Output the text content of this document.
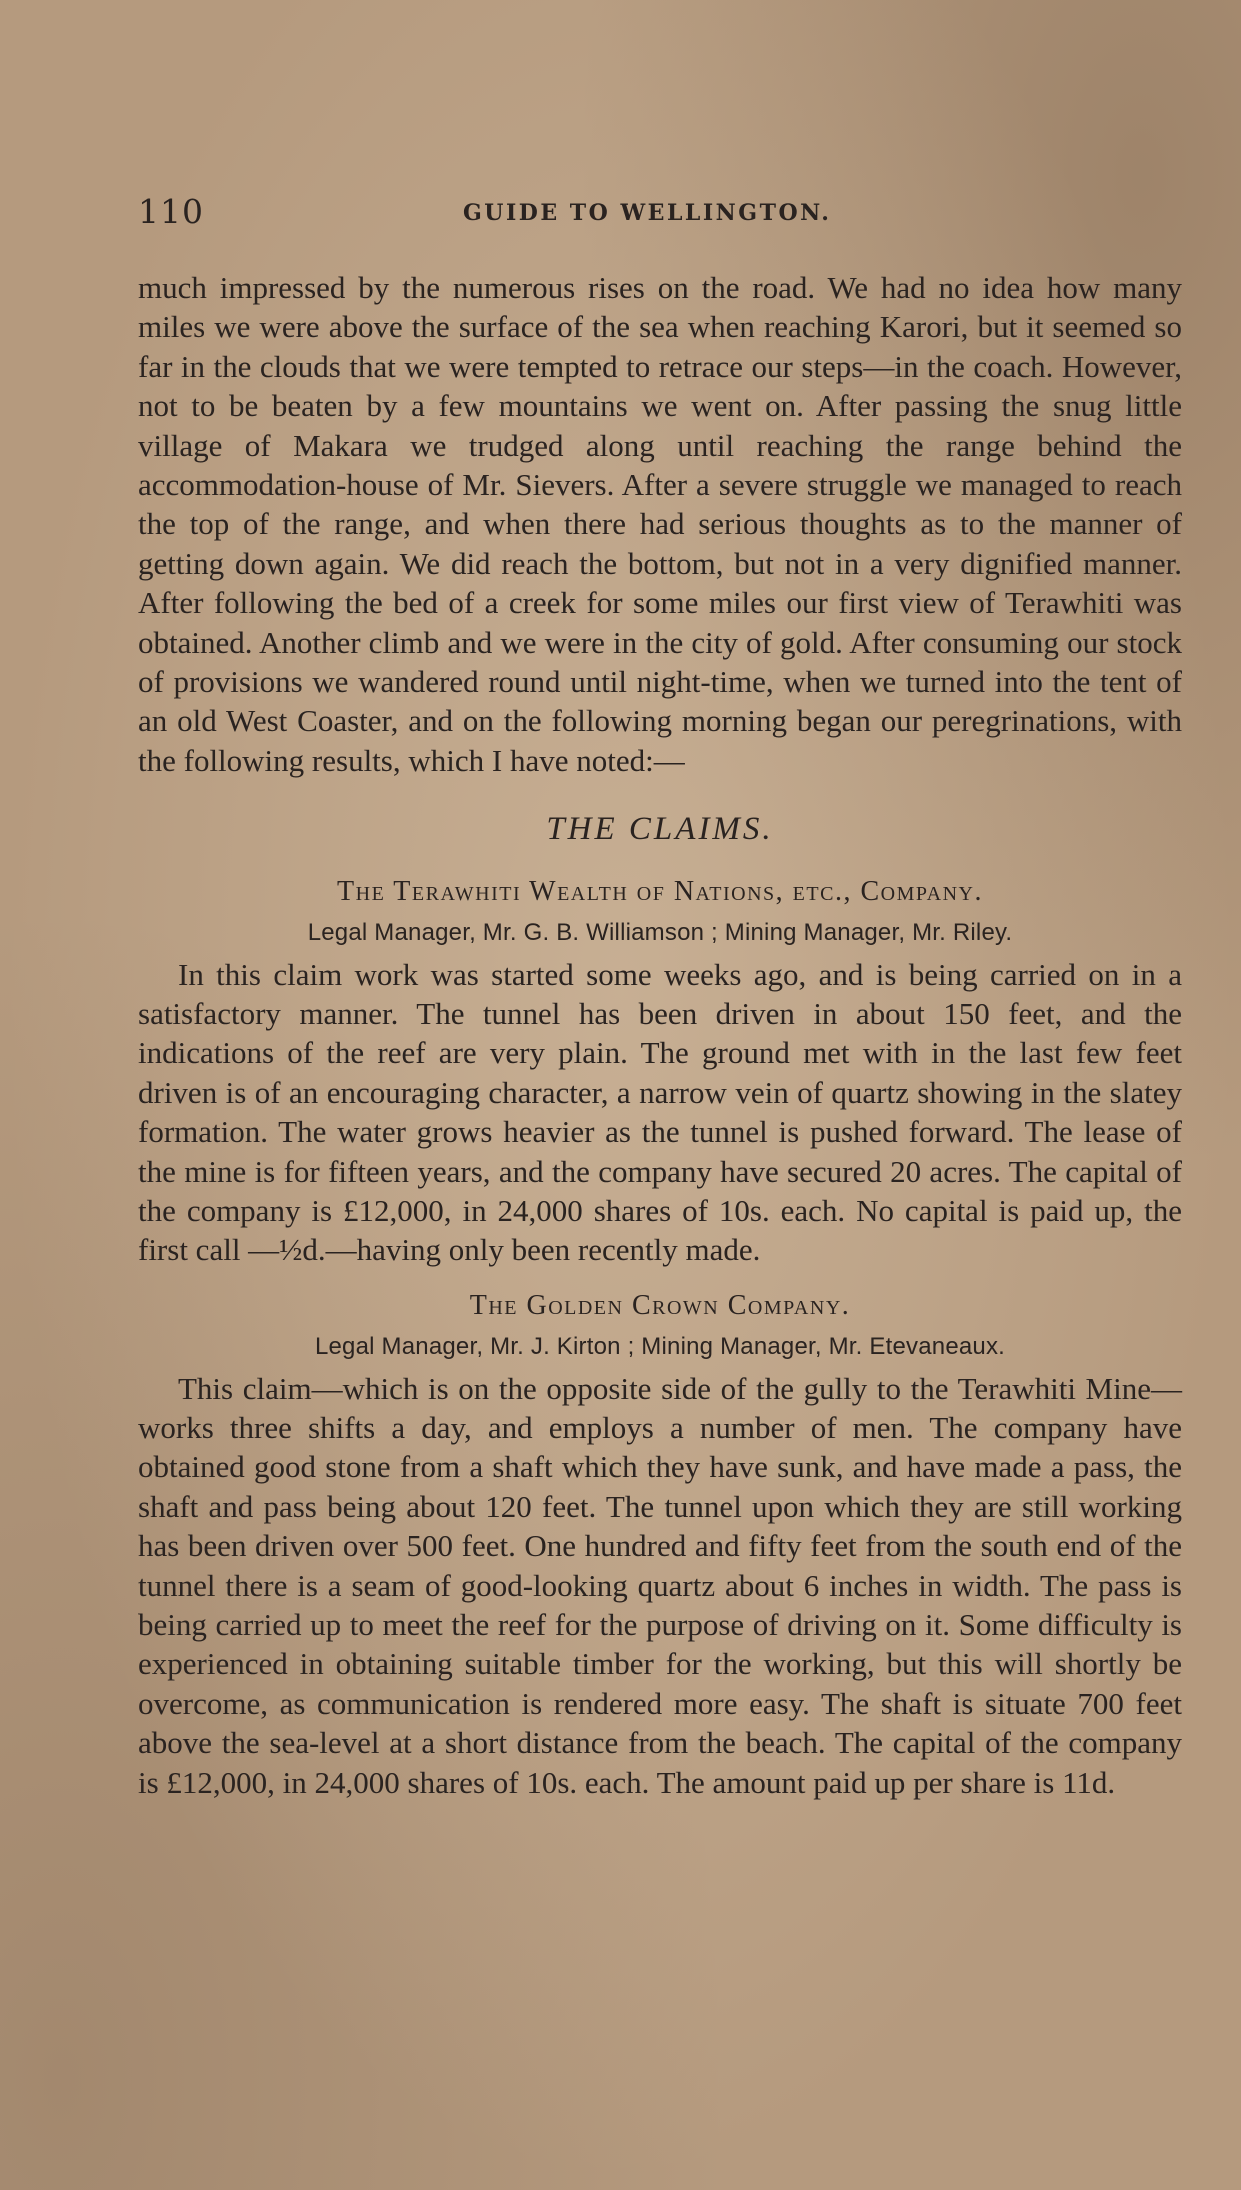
110	GUIDE TO WELLINGTON.

much impressed by the numerous rises on the road. We had no idea how many miles we were above the surface of the sea when reaching Karori, but it seemed so far in the clouds that we were tempted to retrace our steps—in the coach. However, not to be beaten by a few mountains we went on. After passing the snug little village of Makara we trudged along until reaching the range behind the accommodation-house of Mr. Sievers. After a severe struggle we managed to reach the top of the range, and when there had serious thoughts as to the manner of getting down again. We did reach the bottom, but not in a very dignified manner. After following the bed of a creek for some miles our first view of Terawhiti was obtained. Another climb and we were in the city of gold. After consuming our stock of provisions we wandered round until night-time, when we turned into the tent of an old West Coaster, and on the following morning began our peregrinations, with the following results, which I have noted:—

THE CLAIMS.
The Terawhiti Wealth of Nations, etc., Company.
Legal Manager, Mr. G. B. Williamson ; Mining Manager, Mr. Riley.

In this claim work was started some weeks ago, and is being carried on in a satisfactory manner. The tunnel has been driven in about 150 feet, and the indications of the reef are very plain. The ground met with in the last few feet driven is of an encouraging character, a narrow vein of quartz showing in the slatey formation. The water grows heavier as the tunnel is pushed forward. The lease of the mine is for fifteen years, and the company have secured 20 acres. The capital of the company is £12,000, in 24,000 shares of 10s. each. No capital is paid up, the first call —½d.—having only been recently made.

The Golden Crown Company.
Legal Manager, Mr. J. Kirton ; Mining Manager, Mr. Etevaneaux.

This claim—which is on the opposite side of the gully to the Terawhiti Mine—works three shifts a day, and employs a number of men. The company have obtained good stone from a shaft which they have sunk, and have made a pass, the shaft and pass being about 120 feet. The tunnel upon which they are still working has been driven over 500 feet. One hundred and fifty feet from the south end of the tunnel there is a seam of good-looking quartz about 6 inches in width. The pass is being carried up to meet the reef for the purpose of driving on it. Some difficulty is experienced in obtaining suitable timber for the working, but this will shortly be overcome, as communication is rendered more easy. The shaft is situate 700 feet above the sea-level at a short distance from the beach. The capital of the company is £12,000, in 24,000 shares of 10s. each. The amount paid up per share is 11d.
